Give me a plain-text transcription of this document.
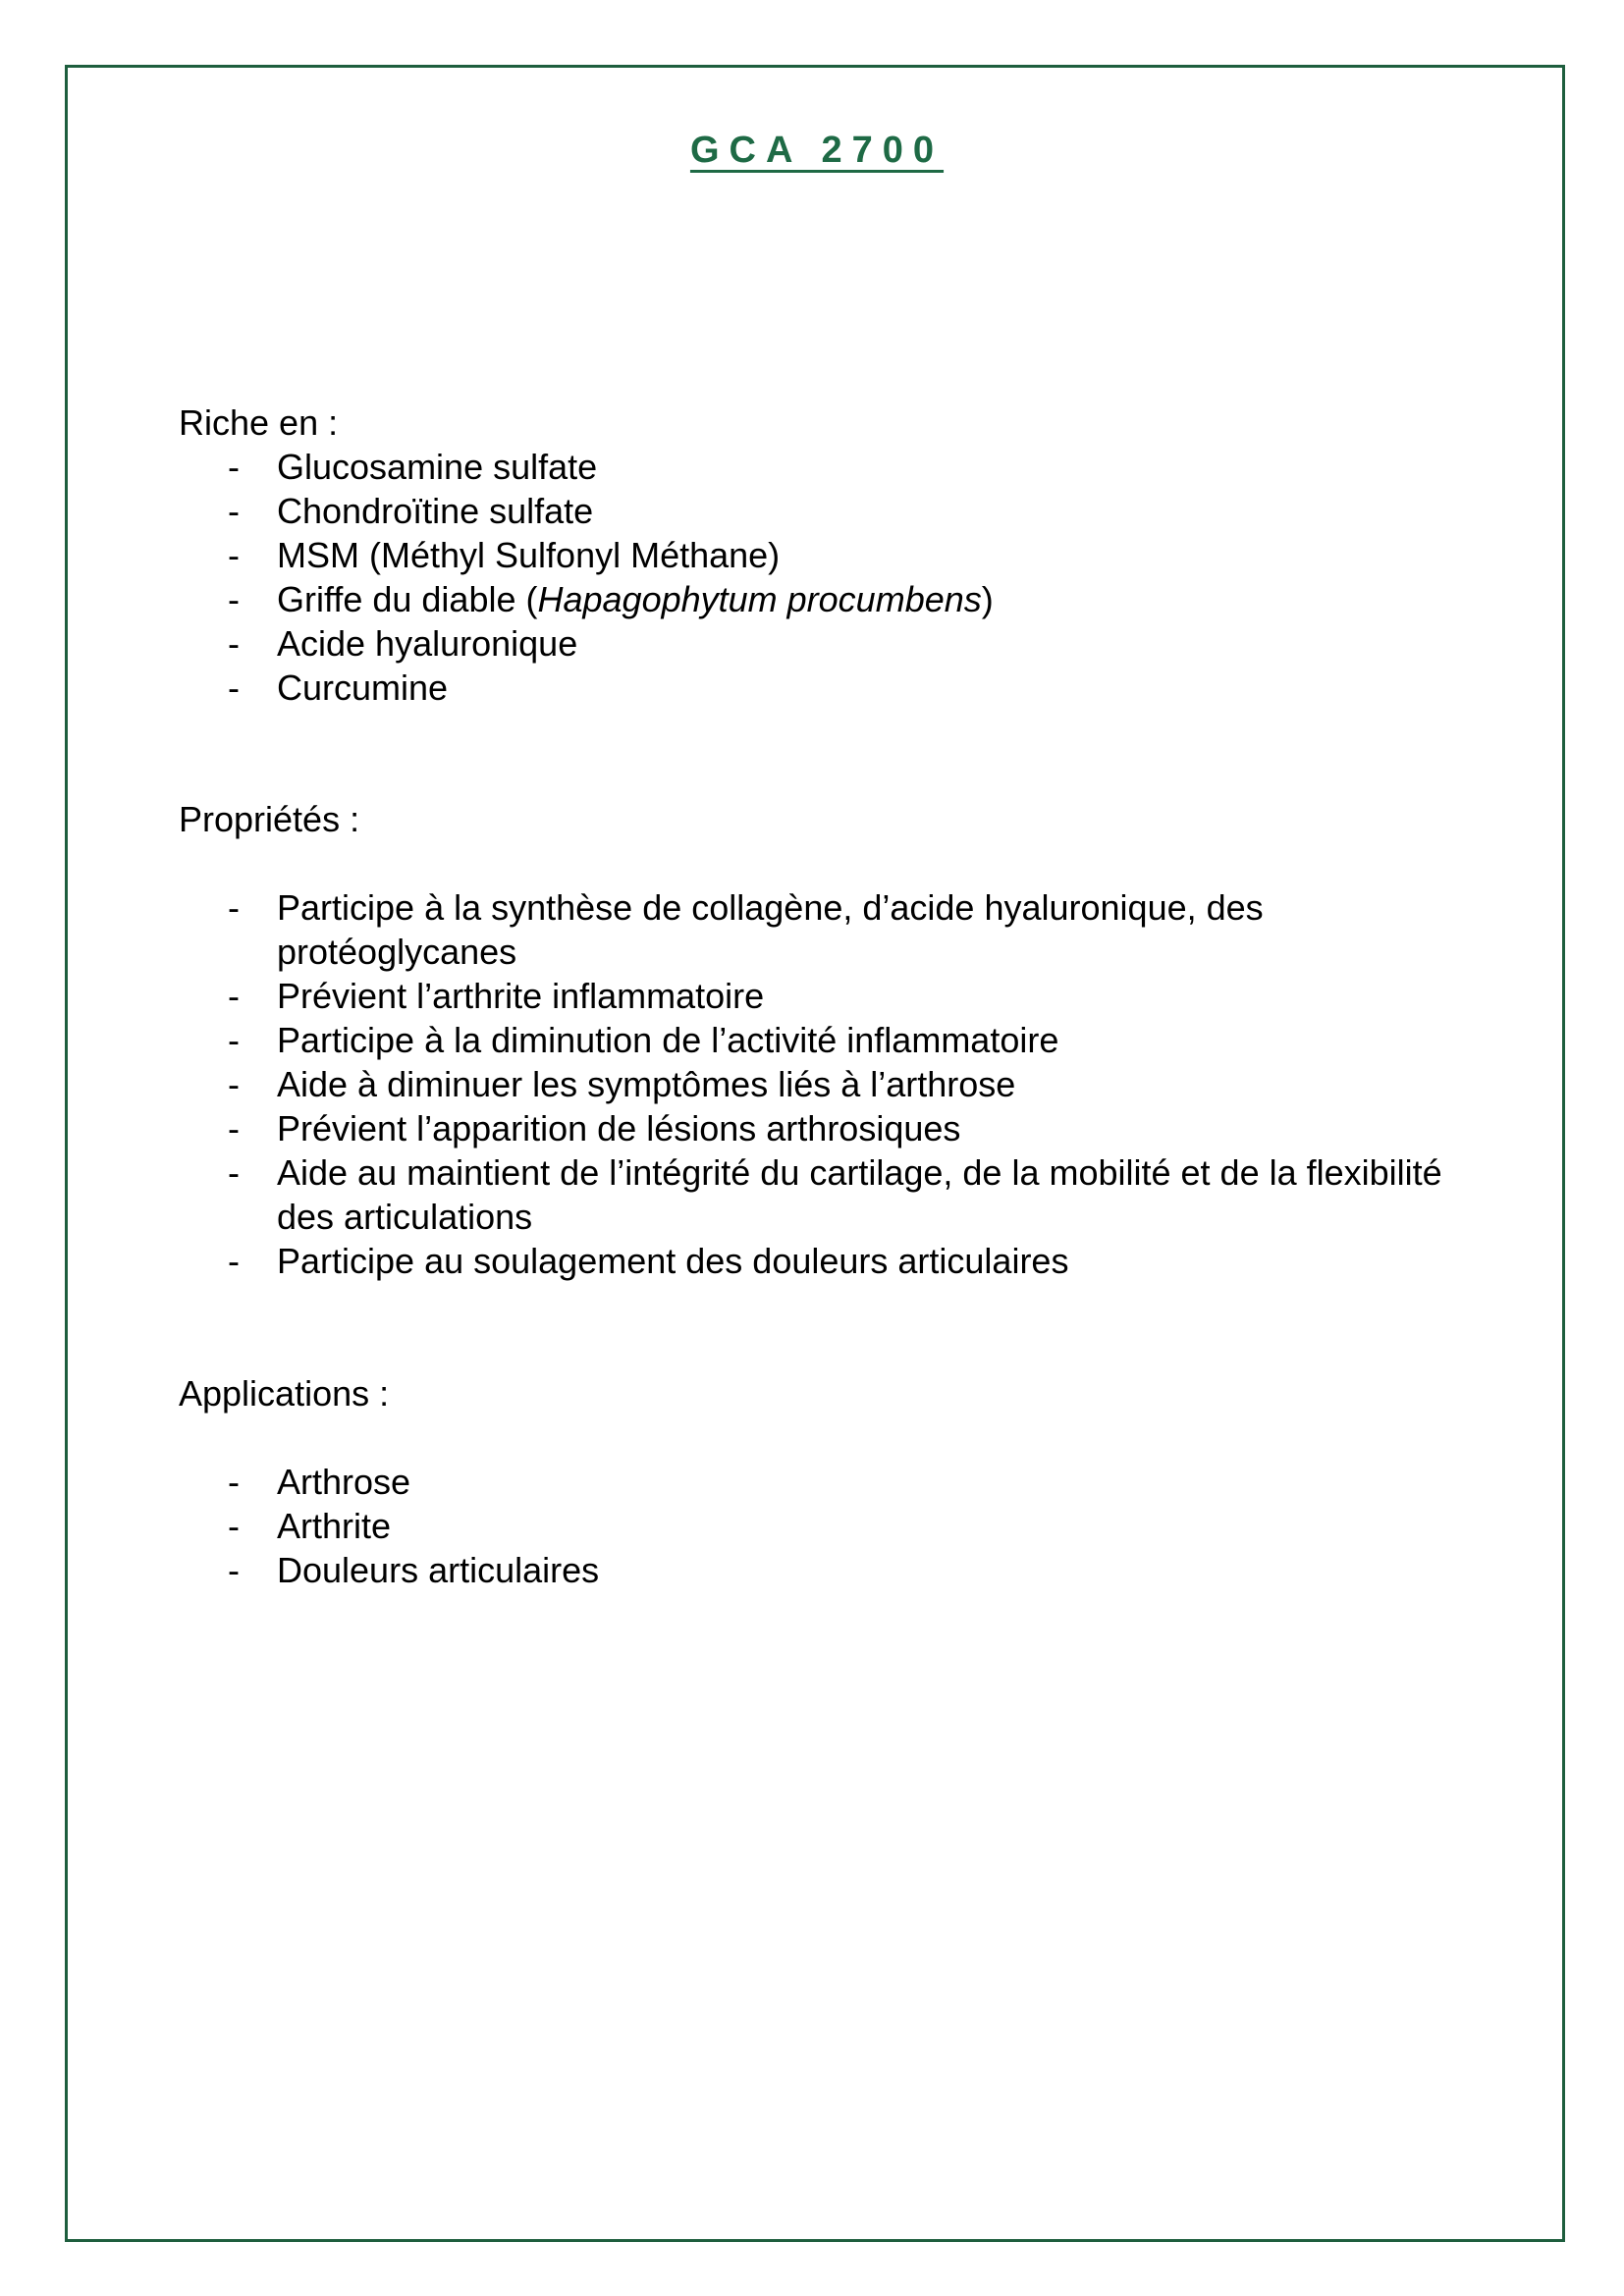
GCA 2700
Riche en :
- Glucosamine sulfate
- Chondroïtine sulfate
- MSM (Méthyl Sulfonyl Méthane)
- Griffe du diable (Hapagophytum procumbens)
- Acide hyaluronique
- Curcumine
Propriétés :
- Participe à la synthèse de collagène, d’acide hyaluronique, des protéoglycanes
- Prévient l’arthrite inflammatoire
- Participe à la diminution de l’activité inflammatoire
- Aide à diminuer les symptômes liés à l’arthrose
- Prévient l’apparition de lésions arthrosiques
- Aide au maintient de l’intégrité du cartilage, de la mobilité et de la flexibilité des articulations
- Participe au soulagement des douleurs articulaires
Applications :
- Arthrose
- Arthrite
- Douleurs articulaires
